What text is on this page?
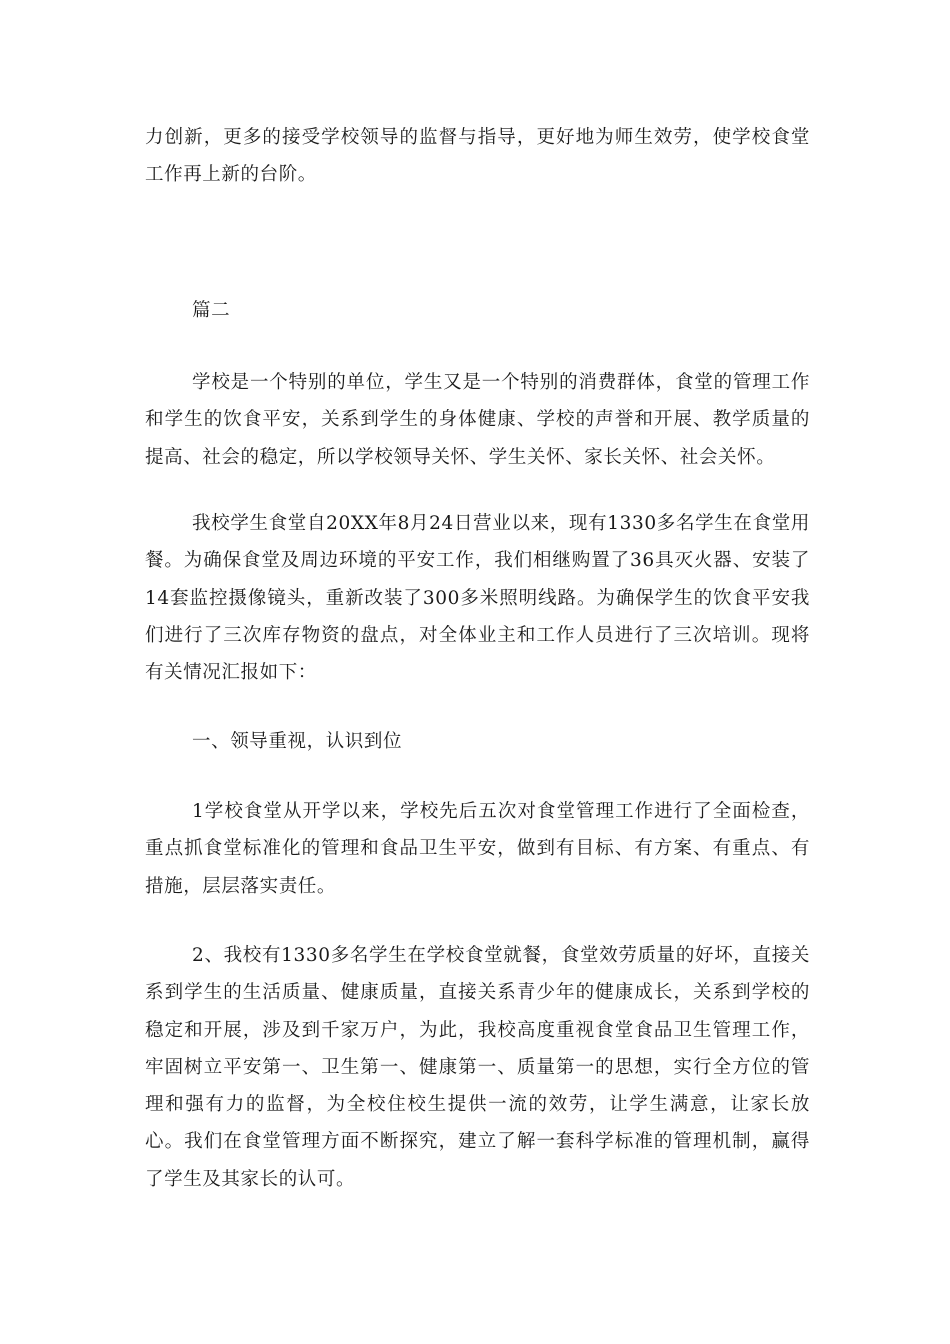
力创新，更多的接受学校领导的监督与指导，更好地为师生效劳，使学校食堂工作再上新的台阶。

篇二

学校是一个特别的单位，学生又是一个特别的消费群体，食堂的管理工作和学生的饮食平安，关系到学生的身体健康、学校的声誉和开展、教学质量的提高、社会的稳定，所以学校领导关怀、学生关怀、家长关怀、社会关怀。

我校学生食堂自20XX年8月24日营业以来，现有1330多名学生在食堂用餐。为确保食堂及周边环境的平安工作，我们相继购置了36具灭火器、安装了14套监控摄像镜头，重新改装了300多米照明线路。为确保学生的饮食平安我们进行了三次库存物资的盘点，对全体业主和工作人员进行了三次培训。现将有关情况汇报如下：

一、领导重视，认识到位

1学校食堂从开学以来，学校先后五次对食堂管理工作进行了全面检查，重点抓食堂标准化的管理和食品卫生平安，做到有目标、有方案、有重点、有措施，层层落实责任。

2、我校有1330多名学生在学校食堂就餐，食堂效劳质量的好坏，直接关系到学生的生活质量、健康质量，直接关系青少年的健康成长，关系到学校的稳定和开展，涉及到千家万户，为此，我校高度重视食堂食品卫生管理工作，牢固树立平安第一、卫生第一、健康第一、质量第一的思想，实行全方位的管理和强有力的监督，为全校住校生提供一流的效劳，让学生满意，让家长放心。我们在食堂管理方面不断探究，建立了解一套科学标准的管理机制，赢得了学生及其家长的认可。
